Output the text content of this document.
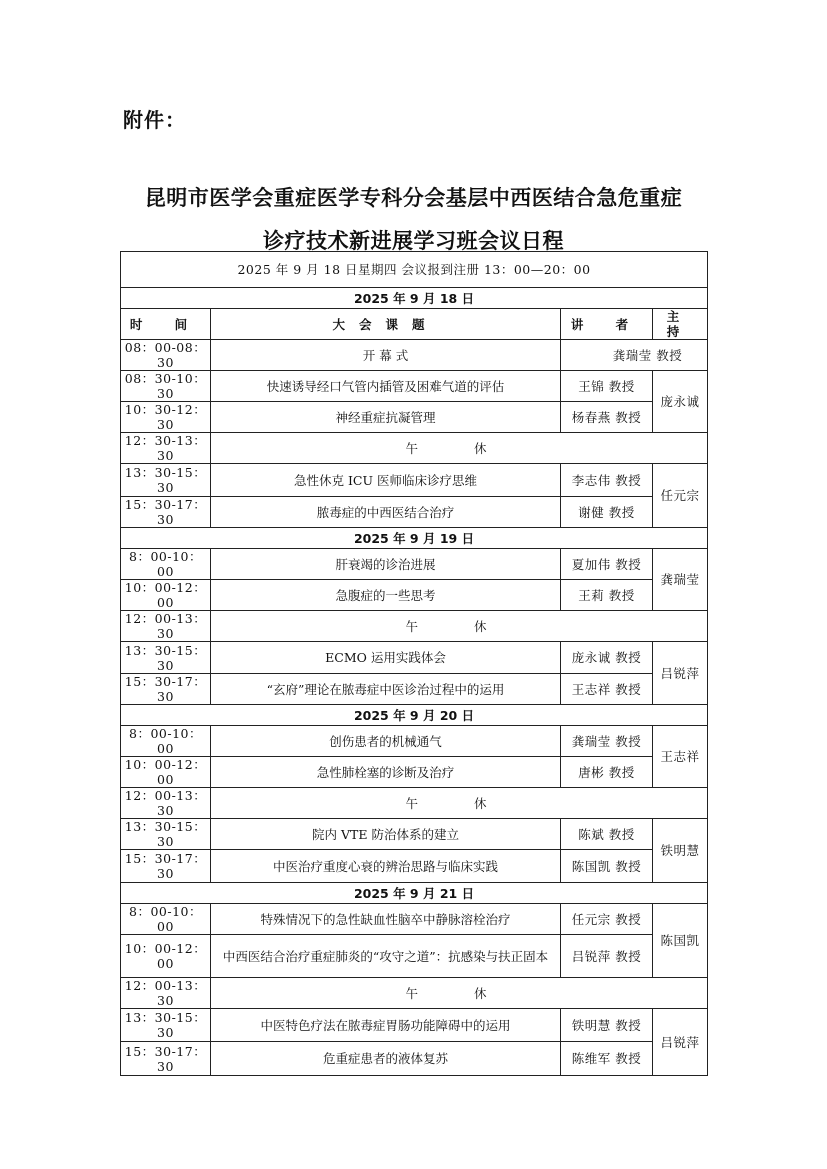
附件：
昆明市医学会重症医学专科分会基层中西医结合急危重症
诊疗技术新进展学习班会议日程
2025 年 9 月 18 日星期四 会议报到注册 13：00—20：00			
2025 年 9 月 18 日			
时 间	大会课题	讲 者	主 持
08：00-08：30	开 幕 式	龚瑞莹 教授	
08：30-10：30	快速诱导经口气管内插管及困难气道的评估	王锦 教授	庞永诚
10：30-12：30	神经重症抗凝管理	杨春燕 教授	
12：30-13：30	午 休		
13：30-15：30	急性休克 ICU 医师临床诊疗思维	李志伟 教授	任元宗
15：30-17：30	脓毒症的中西医结合治疗	谢健 教授	
2025 年 9 月 19 日			
8：00-10：00	肝衰竭的诊治进展	夏加伟 教授	龚瑞莹
10：00-12：00	急腹症的一些思考	王莉 教授	
12：00-13：30	午 休		
13：30-15：30	ECMO 运用实践体会	庞永诚 教授	吕锐萍
15：30-17：30	“玄府”理论在脓毒症中医诊治过程中的运用	王志祥 教授	
2025 年 9 月 20 日			
8：00-10：00	创伤患者的机械通气	龚瑞莹 教授	王志祥
10：00-12：00	急性肺栓塞的诊断及治疗	唐彬 教授	
12：00-13：30	午 休		
13：30-15：30	院内 VTE 防治体系的建立	陈斌 教授	铁明慧
15：30-17：30	中医治疗重度心衰的辨治思路与临床实践	陈国凯 教授	
2025 年 9 月 21 日			
8：00-10：00	特殊情况下的急性缺血性脑卒中静脉溶栓治疗	任元宗 教授	陈国凯
10：00-12：00	中西医结合治疗重症肺炎的“攻守之道”：抗感染与扶正固本	吕锐萍 教授	
12：00-13：30	午 休		
13：30-15：30	中医特色疗法在脓毒症胃肠功能障碍中的运用	铁明慧 教授	吕锐萍
15：30-17：30	危重症患者的液体复苏	陈维军 教授	
